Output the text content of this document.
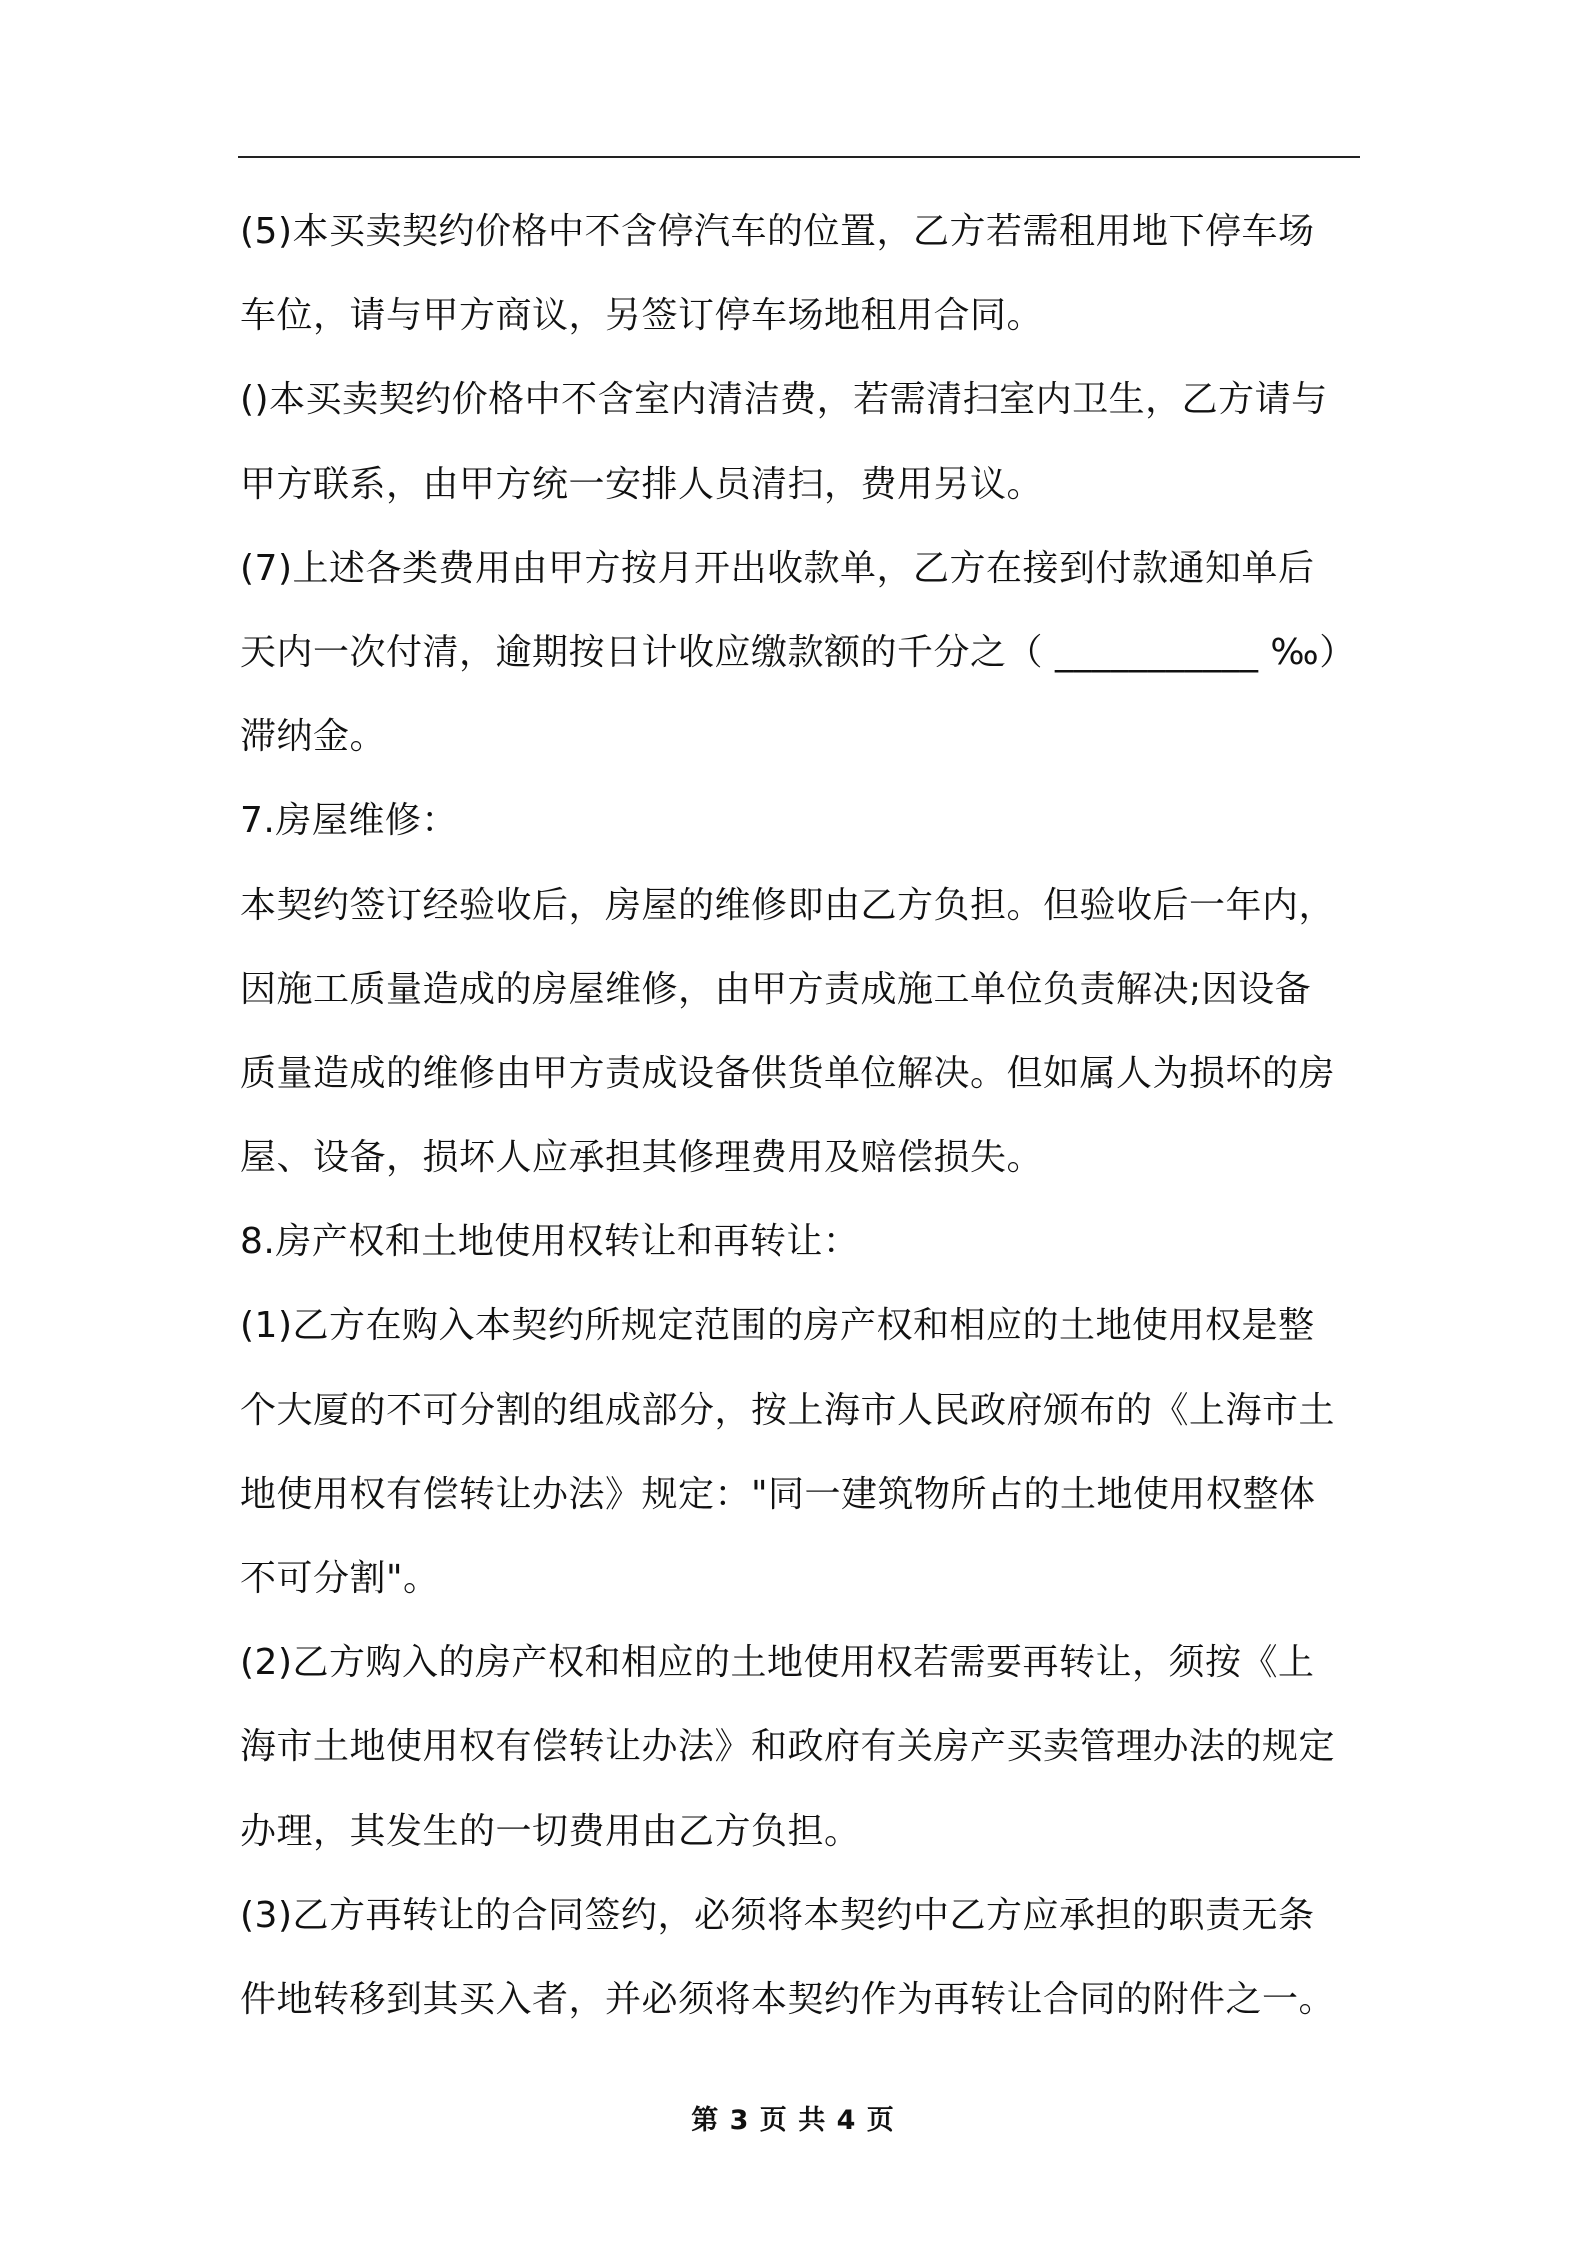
(5)本买卖契约价格中不含停汽车的位置，乙方若需租用地下停车场
车位，请与甲方商议，另签订停车场地租用合同。
()本买卖契约价格中不含室内清洁费，若需清扫室内卫生，乙方请与
甲方联系，由甲方统一安排人员清扫，费用另议。
(7)上述各类费用由甲方按月开出收款单，乙方在接到付款通知单后
天内一次付清，逾期按日计收应缴款额的千分之（ ___________ ‰）
滞纳金。
7.房屋维修：
本契约签订经验收后，房屋的维修即由乙方负担。但验收后一年内，
因施工质量造成的房屋维修，由甲方责成施工单位负责解决;因设备
质量造成的维修由甲方责成设备供货单位解决。但如属人为损坏的房
屋、设备，损坏人应承担其修理费用及赔偿损失。
8.房产权和土地使用权转让和再转让：
(1)乙方在购入本契约所规定范围的房产权和相应的土地使用权是整
个大厦的不可分割的组成部分，按上海市人民政府颁布的《上海市土
地使用权有偿转让办法》规定："同一建筑物所占的土地使用权整体
不可分割"。
(2)乙方购入的房产权和相应的土地使用权若需要再转让，须按《上
海市土地使用权有偿转让办法》和政府有关房产买卖管理办法的规定
办理，其发生的一切费用由乙方负担。
(3)乙方再转让的合同签约，必须将本契约中乙方应承担的职责无条
件地转移到其买入者，并必须将本契约作为再转让合同的附件之一。
第 3 页 共 4 页
